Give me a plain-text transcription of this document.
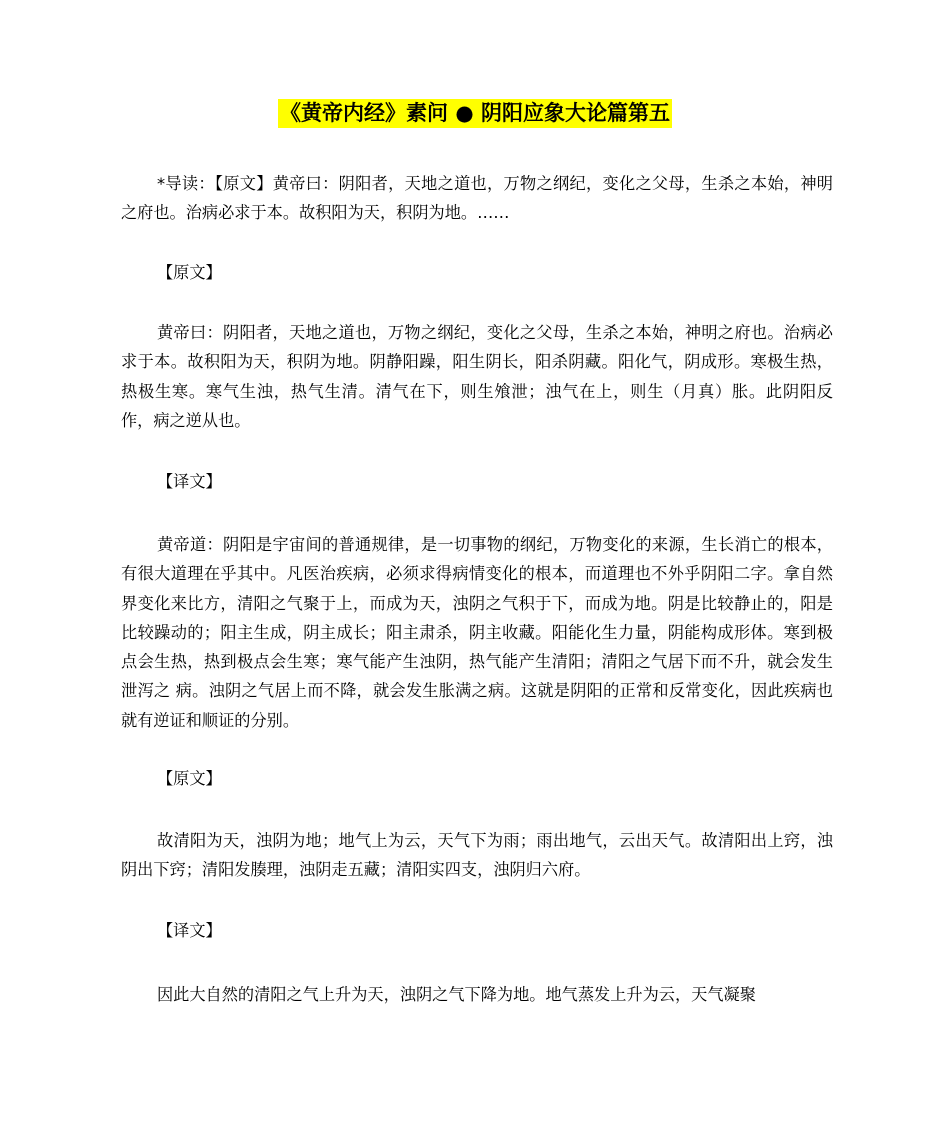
《黄帝内经》素问 ● 阴阳应象大论篇第五
*导读：【原文】黄帝曰：阴阳者，天地之道也，万物之纲纪，变化之父母，生杀之本始，神明之府也。治病必求于本。故积阳为天，积阴为地。……
【原文】
黄帝曰：阴阳者，天地之道也，万物之纲纪，变化之父母，生杀之本始，神明之府也。治病必求于本。故积阳为天，积阴为地。阴静阳躁，阳生阴长，阳杀阴藏。阳化气，阴成形。寒极生热，热极生寒。寒气生浊，热气生清。清气在下，则生飧泄；浊气在上，则生（月真）胀。此阴阳反作，病之逆从也。
【译文】
黄帝道：阴阳是宇宙间的普通规律，是一切事物的纲纪，万物变化的来源，生长消亡的根本，有很大道理在乎其中。凡医治疾病，必须求得病情变化的根本，而道理也不外乎阴阳二字。拿自然界变化来比方，清阳之气聚于上，而成为天，浊阴之气积于下，而成为地。阴是比较静止的，阳是比较躁动的；阳主生成，阴主成长；阳主肃杀，阴主收藏。阳能化生力量，阴能构成形体。寒到极点会生热，热到极点会生寒；寒气能产生浊阴，热气能产生清阳；清阳之气居下而不升，就会发生泄泻之 病。浊阴之气居上而不降，就会发生胀满之病。这就是阴阳的正常和反常变化，因此疾病也就有逆证和顺证的分别。
【原文】
故清阳为天，浊阴为地；地气上为云，天气下为雨；雨出地气，云出天气。故清阳出上窍，浊阴出下窍；清阳发腠理，浊阴走五藏；清阳实四支，浊阴归六府。
【译文】
因此大自然的清阳之气上升为天，浊阴之气下降为地。地气蒸发上升为云，天气凝聚
